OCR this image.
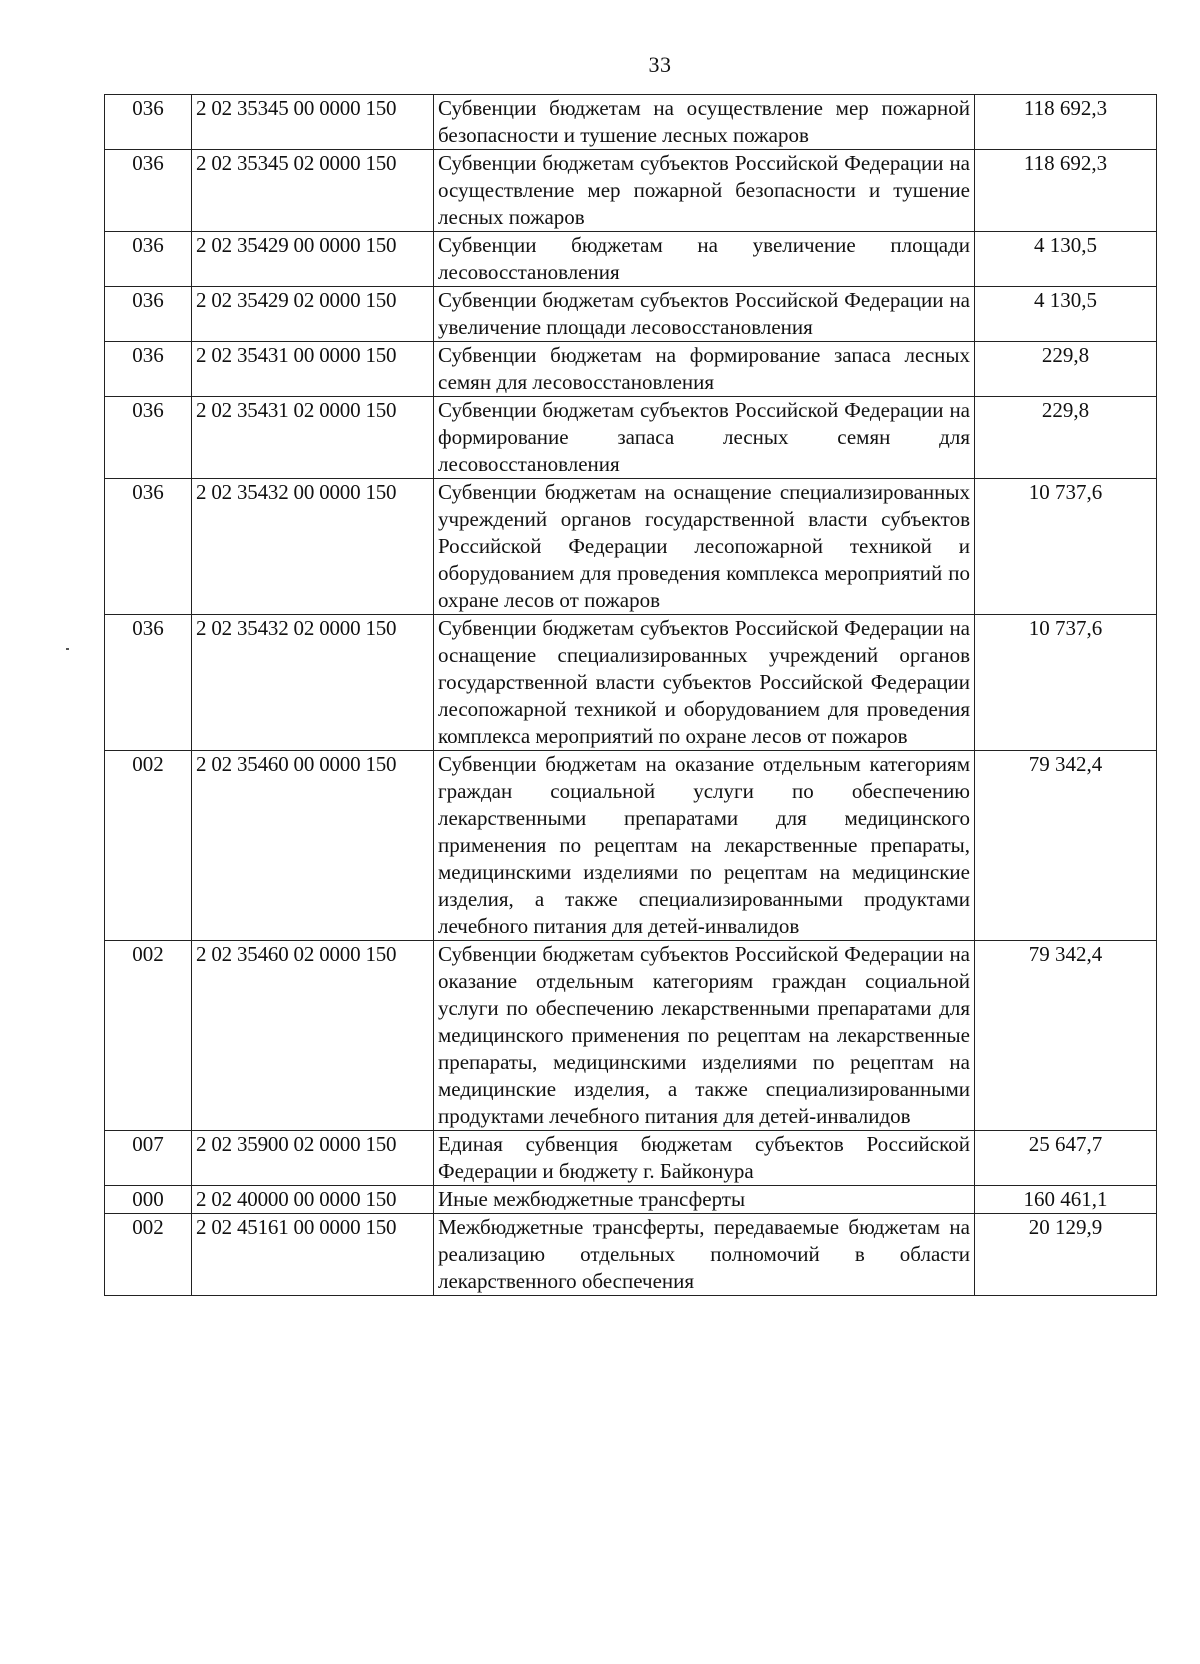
33
036	2 02 35345 00 0000 150	Субвенции бюджетам на осуществление мер пожарной безопасности и тушение лесных пожаров	118 692,3
036	2 02 35345 02 0000 150	Субвенции бюджетам субъектов Российской Федерации на осуществление мер пожарной безопасности и тушение лесных пожаров	118 692,3
036	2 02 35429 00 0000 150	Субвенции бюджетам на увеличение площади лесовосстановления	4 130,5
036	2 02 35429 02 0000 150	Субвенции бюджетам субъектов Российской Федерации на увеличение площади лесовосстановления	4 130,5
036	2 02 35431 00 0000 150	Субвенции бюджетам на формирование запаса лесных семян для лесовосстановления	229,8
036	2 02 35431 02 0000 150	Субвенции бюджетам субъектов Российской Федерации на формирование запаса лесных семян для лесовосстановления	229,8
036	2 02 35432 00 0000 150	Субвенции бюджетам на оснащение специализированных учреждений органов государственной власти субъектов Российской Федерации лесопожарной техникой и оборудованием для проведения комплекса мероприятий по охране лесов от пожаров	10 737,6
036	2 02 35432 02 0000 150	Субвенции бюджетам субъектов Российской Федерации на оснащение специализированных учреждений органов государственной власти субъектов Российской Федерации лесопожарной техникой и оборудованием для проведения комплекса мероприятий по охране лесов от пожаров	10 737,6
002	2 02 35460 00 0000 150	Субвенции бюджетам на оказание отдельным категориям граждан социальной услуги по обеспечению лекарственными препаратами для медицинского применения по рецептам на лекарственные препараты, медицинскими изделиями по рецептам на медицинские изделия, а также специализированными продуктами лечебного питания для детей-инвалидов	79 342,4
002	2 02 35460 02 0000 150	Субвенции бюджетам субъектов Российской Федерации на оказание отдельным категориям граждан социальной услуги по обеспечению лекарственными препаратами для медицинского применения по рецептам на лекарственные препараты, медицинскими изделиями по рецептам на медицинские изделия, а также специализированными продуктами лечебного питания для детей-инвалидов	79 342,4
007	2 02 35900 02 0000 150	Единая субвенция бюджетам субъектов Российской Федерации и бюджету г. Байконура	25 647,7
000	2 02 40000 00 0000 150	Иные межбюджетные трансферты	160 461,1
002	2 02 45161 00 0000 150	Межбюджетные трансферты, передаваемые бюджетам на реализацию отдельных полномочий в области лекарственного обеспечения	20 129,9
